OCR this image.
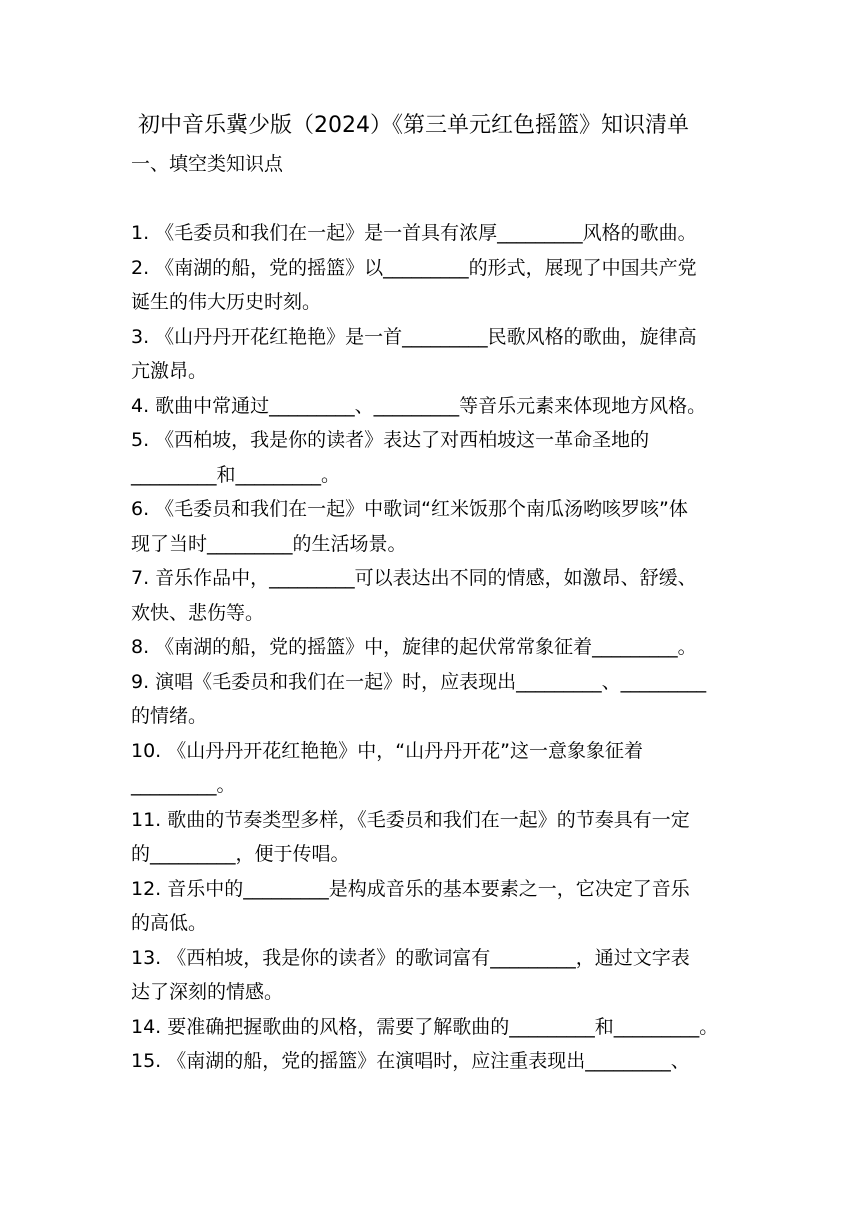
初中音乐冀少版（2024）《第三单元红色摇篮》知识清单
一、填空类知识点
1. 《毛委员和我们在一起》是一首具有浓厚_________风格的歌曲。
2. 《南湖的船，党的摇篮》以_________的形式，展现了中国共产党
诞生的伟大历史时刻。
3. 《山丹丹开花红艳艳》是一首_________民歌风格的歌曲，旋律高
亢激昂。
4. 歌曲中常通过_________、_________等音乐元素来体现地方风格。
5. 《西柏坡，我是你的读者》表达了对西柏坡这一革命圣地的
_________和_________。
6. 《毛委员和我们在一起》中歌词“红米饭那个南瓜汤哟咳罗咳”体
现了当时_________的生活场景。
7. 音乐作品中，_________可以表达出不同的情感，如激昂、舒缓、
欢快、悲伤等。
8. 《南湖的船，党的摇篮》中，旋律的起伏常常象征着_________。
9. 演唱《毛委员和我们在一起》时，应表现出_________、_________
的情绪。
10. 《山丹丹开花红艳艳》中，“山丹丹开花”这一意象象征着
_________。
11. 歌曲的节奏类型多样，《毛委员和我们在一起》的节奏具有一定
的_________，便于传唱。
12. 音乐中的_________是构成音乐的基本要素之一，它决定了音乐
的高低。
13. 《西柏坡，我是你的读者》的歌词富有_________，通过文字表
达了深刻的情感。
14. 要准确把握歌曲的风格，需要了解歌曲的_________和_________。
15. 《南湖的船，党的摇篮》在演唱时，应注重表现出_________、
